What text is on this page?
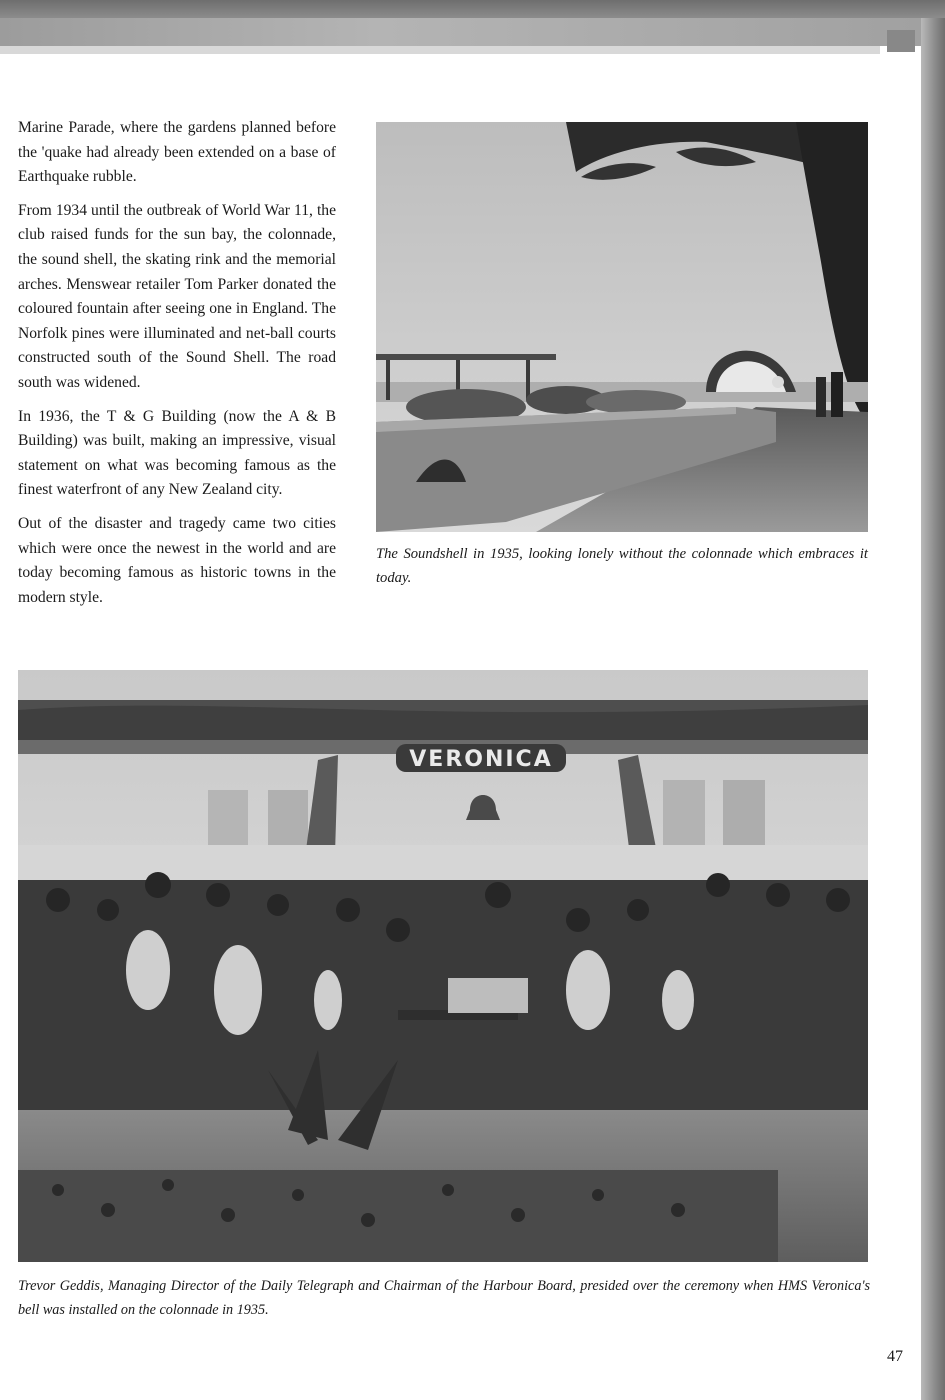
Marine Parade, where the gardens planned before the 'quake had already been extended on a base of Earthquake rubble.

From 1934 until the outbreak of World War 11, the club raised funds for the sun bay, the colonnade, the sound shell, the skating rink and the memorial arches. Menswear retailer Tom Parker donated the coloured fountain after seeing one in England. The Norfolk pines were illuminated and net-ball courts constructed south of the Sound Shell. The road south was widened.

In 1936, the T & G Building (now the A & B Building) was built, making an impressive, visual statement on what was becoming famous as the finest waterfront of any New Zealand city.

Out of the disaster and tragedy came two cities which were once the newest in the world and are today becoming famous as historic towns in the modern style.

The Soundshell in 1935, looking lonely without the colonnade which embraces it today.
VERONICA
Trevor Geddis, Managing Director of the Daily Telegraph and Chairman of the Harbour Board, presided over the ceremony when HMS Veronica's bell was installed on the colonnade in 1935.
47
